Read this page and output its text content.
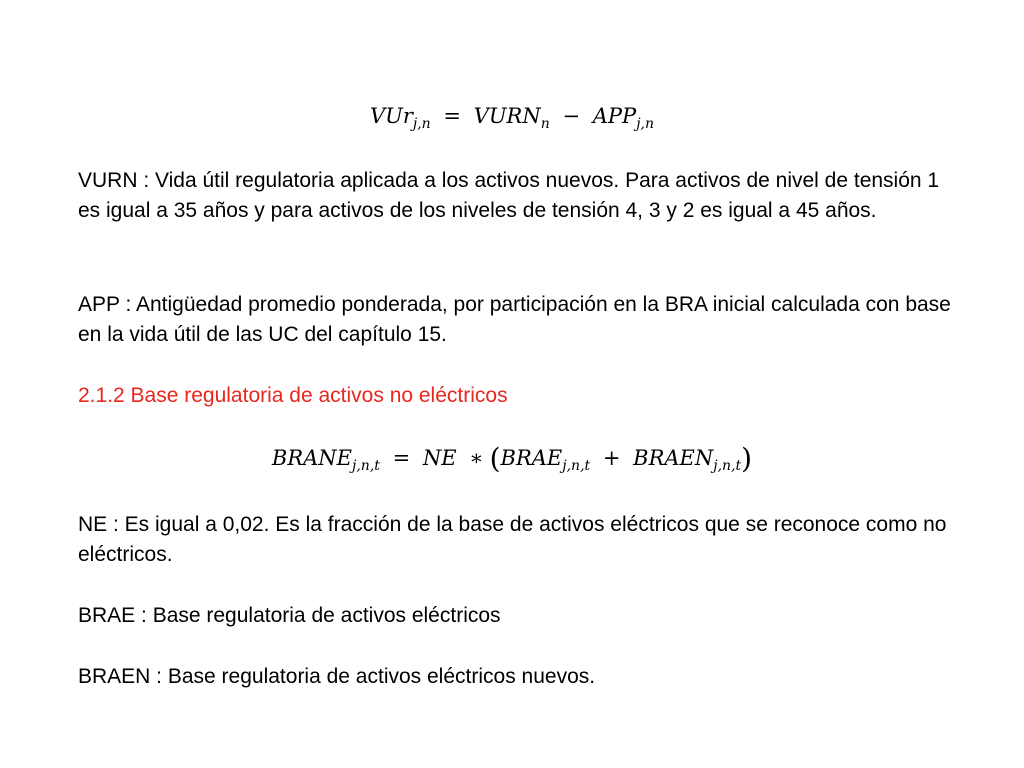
$VUr_{j,n} = VURN_n - APP_{j,n}$
VURN : Vida útil regulatoria aplicada a los activos nuevos. Para activos de nivel de tensión 1 es igual a 35 años y para activos de los niveles de tensión 4, 3 y 2 es igual a 45 años.
APP : Antigüedad promedio ponderada, por participación en la BRA inicial calculada con base en la vida útil de las UC del capítulo 15.
2.1.2 Base regulatoria de activos no eléctricos
$BRANE_{j,n,t}$ = NE ∗ ($BRAE_{j,n,t}$ + $BRAEN_{j,n,t}$)
NE : Es igual a 0,02. Es la fracción de la base de activos eléctricos que se reconoce como no eléctricos.
BRAE : Base regulatoria de activos eléctricos
BRAEN : Base regulatoria de activos eléctricos nuevos.
